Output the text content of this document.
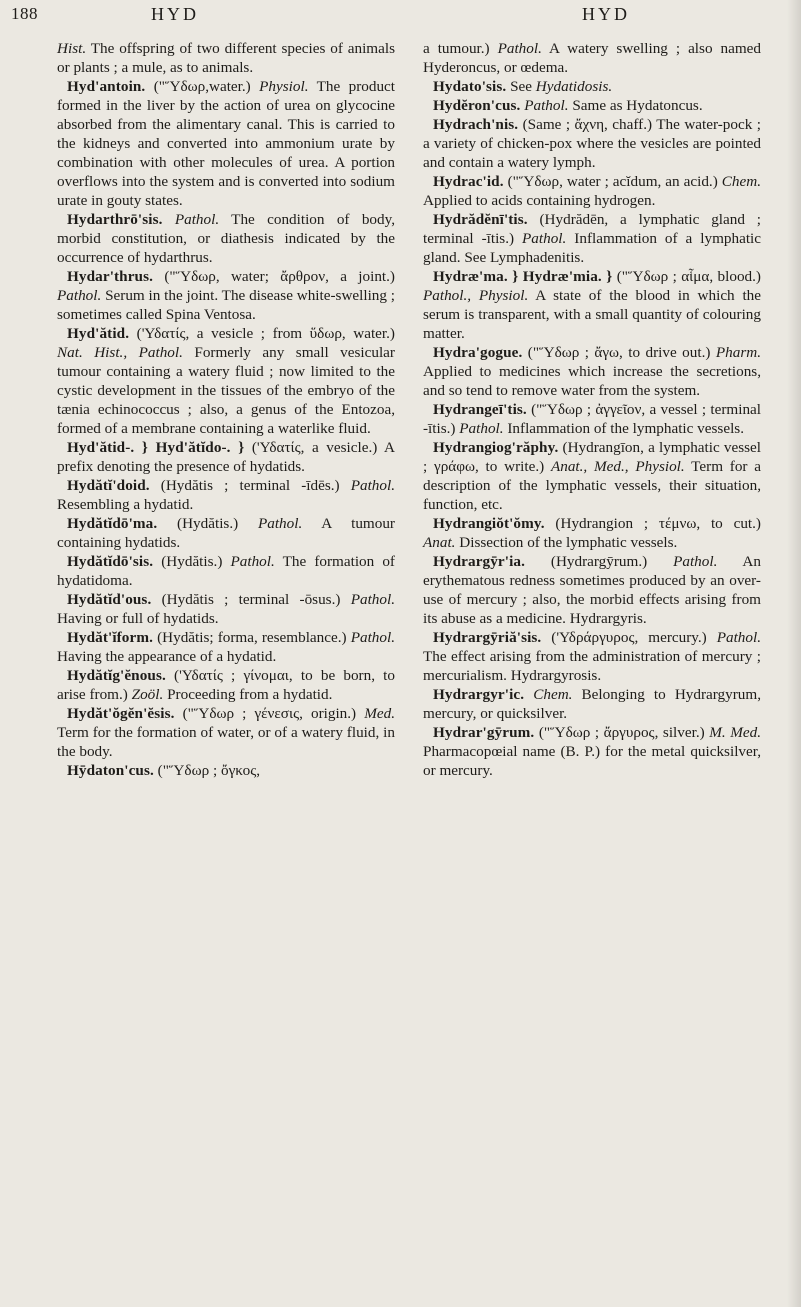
188	HYD	HYD

Hist. The offspring of two different species of animals or plants ; a mule, as to animals.

Hyd'antoin. ("Ὕδωρ,water.) Physiol. The product formed in the liver by the action of urea on glycocine absorbed from the alimentary canal. This is carried to the kidneys and converted into ammonium urate by combination with other molecules of urea. A portion overflows into the system and is converted into sodium urate in gouty states.

Hydarthrō'sis. Pathol. The condition of body, morbid constitution, or diathesis indicated by the occurrence of hydarthrus.

Hydar'thrus. ("Ὕδωρ, water; ἄρθρον, a joint.) Pathol. Serum in the joint. The disease white-swelling ; sometimes called Spina Ventosa.

Hyd'ătid. ('Υδατίς, a vesicle ; from ὕδωρ, water.) Nat. Hist., Pathol. Formerly any small vesicular tumour containing a watery fluid ; now limited to the cystic development in the tissues of the embryo of the tænia echinococcus ; also, a genus of the Entozoa, formed of a membrane containing a waterlike fluid.

Hyd'ătid-. } Hyd'ătĭdo-. } ('Υδατίς, a vesicle.) A prefix denoting the presence of hydatids.

Hydătĭ'doid. (Hydătis ; terminal -īdēs.) Pathol. Resembling a hydatid.

Hydătĭdō'ma. (Hydătis.) Pathol. A tumour containing hydatids.

Hydătĭdō'sis. (Hydătis.) Pathol. The formation of hydatidoma.

Hydătĭd'ous. (Hydătis ; terminal -ōsus.) Pathol. Having or full of hydatids.

Hydăt'ĭform. (Hydătis; forma, resemblance.) Pathol. Having the appearance of a hydatid.

Hydătĭg'ĕnous. ('Υδατίς ; γίνομαι, to be born, to arise from.) Zoöl. Proceeding from a hydatid.

Hydăt'ŏgĕn'ĕsis. ("Ὕδωρ ; γένεσις, origin.) Med. Term for the formation of water, or of a watery fluid, in the body.

Hȳdaton'cus. ("Ὕδωρ ; ὄγκος,

a tumour.) Pathol. A watery swelling ; also named Hyderoncus, or œdema.

Hydato'sis. See Hydatidosis.

Hydĕron'cus. Pathol. Same as Hydatoncus.

Hydrach'nis. (Same ; ἄχνη, chaff.) The water-pock ; a variety of chicken-pox where the vesicles are pointed and contain a watery lymph.

Hydrac'id. ("Ὕδωρ, water ; acĭdum, an acid.) Chem. Applied to acids containing hydrogen.

Hydrădĕnī'tis. (Hydrădēn, a lymphatic gland ; terminal -ītis.) Pathol. Inflammation of a lymphatic gland. See Lymphadenitis.

Hydræ'ma. } Hydræ'mia. } ("Ὕδωρ ; αἷμα, blood.) Pathol., Physiol. A state of the blood in which the serum is transparent, with a small quantity of colouring matter.

Hydra'gogue. ("Ὕδωρ ; ἄγω, to drive out.) Pharm. Applied to medicines which increase the secretions, and so tend to remove water from the system.

Hydrangeī'tis. ("Ὕδωρ ; ἀγγεῖον, a vessel ; terminal -ītis.) Pathol. Inflammation of the lymphatic vessels.

Hydrangiog'răphy. (Hydrangīon, a lymphatic vessel ; γράφω, to write.) Anat., Med., Physiol. Term for a description of the lymphatic vessels, their situation, function, etc.

Hydrangiŏt'ŏmy. (Hydrangion ; τέμνω, to cut.) Anat. Dissection of the lymphatic vessels.

Hydrargȳr'ia. (Hydrargȳrum.) Pathol. An erythematous redness sometimes produced by an over-use of mercury ; also, the morbid effects arising from its abuse as a medicine. Hydrargyris.

Hydrargȳriă'sis. ('Υδράργυρος, mercury.) Pathol. The effect arising from the administration of mercury ; mercurialism. Hydrargyrosis.

Hydrargyr'ic. Chem. Belonging to Hydrargyrum, mercury, or quicksilver.

Hydrar'gȳrum. ("Ὕδωρ ; ἄργυρος, silver.) M. Med. Pharmacopœial name (B. P.) for the metal quicksilver, or mercury.
